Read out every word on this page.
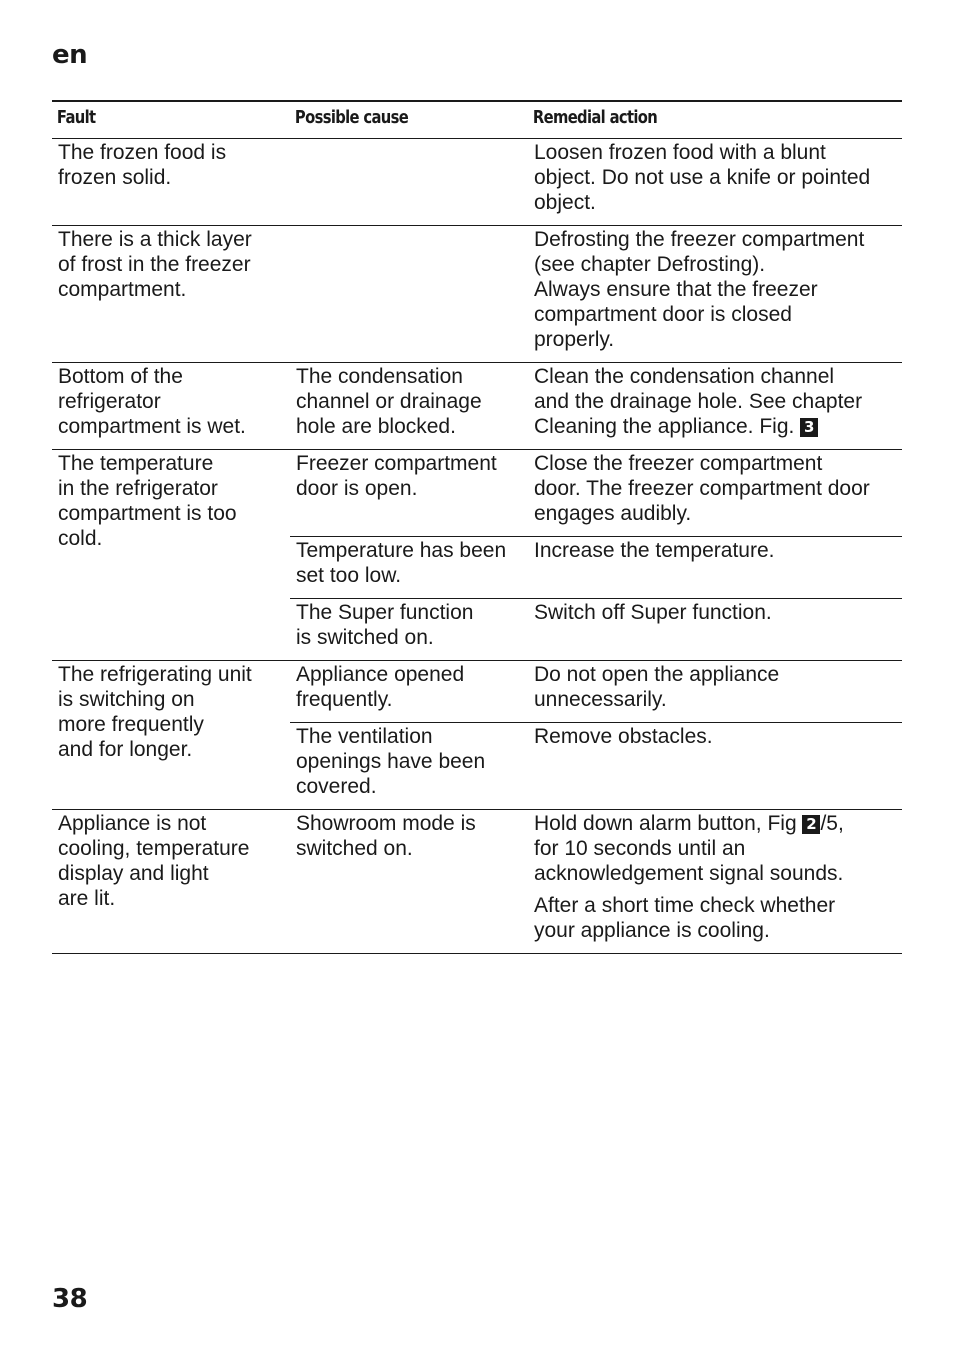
en
Fault	Possible cause	Remedial action
The frozen food is
frozen solid.		Loosen frozen food with a blunt
object. Do not use a knife or pointed
object.
There is a thick layer
of frost in the freezer
compartment.		Defrosting the freezer compartment
(see chapter Defrosting).
Always ensure that the freezer
compartment door is closed
properly.
Bottom of the
refrigerator
compartment is wet.	The condensation
channel or drainage
hole are blocked.	Clean the condensation channel
and the drainage hole. See chapter
Cleaning the appliance. Fig. 3
The temperature
in the refrigerator
compartment is too
cold.	Freezer compartment
door is open.	Close the freezer compartment
door. The freezer compartment door
engages audibly.
	Temperature has been
set too low.	Increase the temperature.
	The Super function
is switched on.	Switch off Super function.
The refrigerating unit
is switching on
more frequently
and for longer.	Appliance opened
frequently.	Do not open the appliance
unnecessarily.
	The ventilation
openings have been
covered.	Remove obstacles.
Appliance is not
cooling, temperature
display and light
are lit.	Showroom mode is
switched on.	Hold down alarm button, Fig 2 /5,
for 10 seconds until an
acknowledgement signal sounds.
After a short time check whether
your appliance is cooling.
38
